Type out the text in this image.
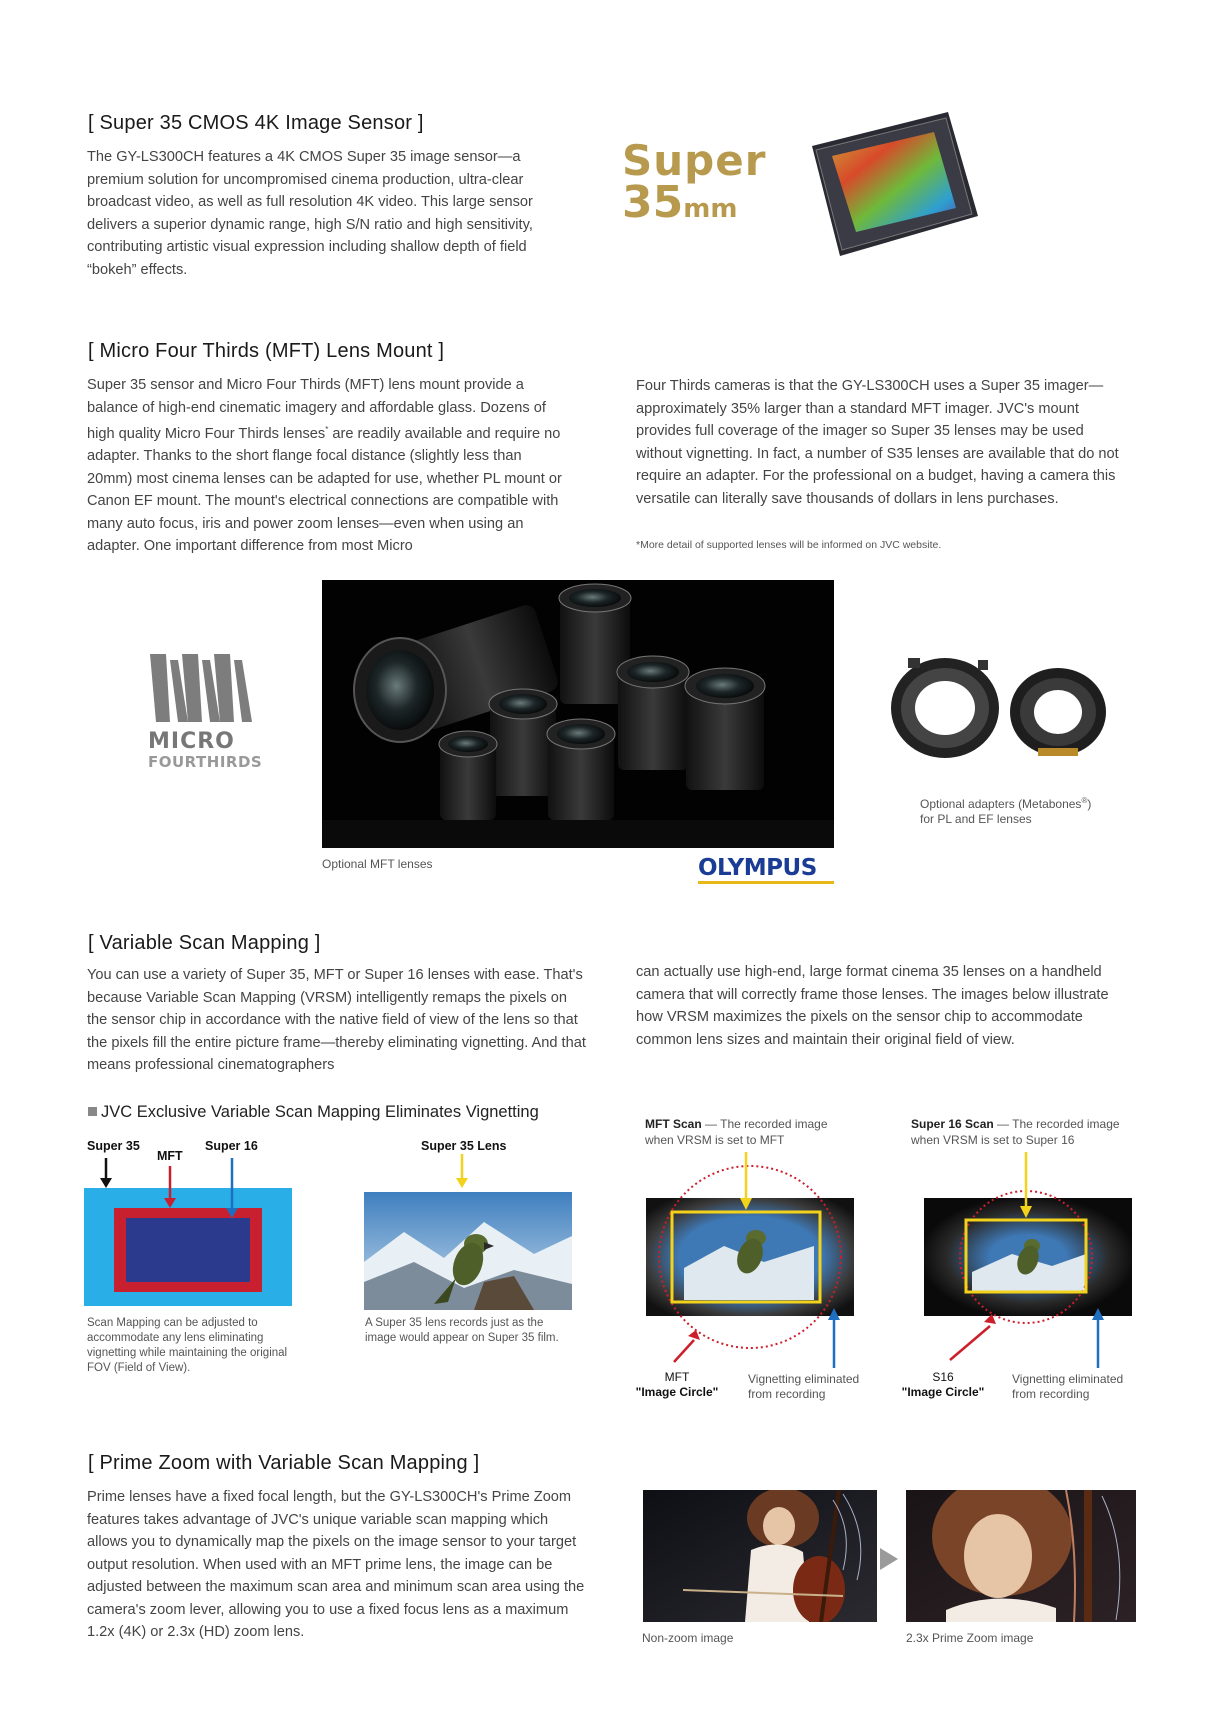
[ Super 35 CMOS 4K Image Sensor ]

The GY-LS300CH features a 4K CMOS Super 35 image sensor—a premium solution for uncompromised cinema production, ultra-clear broadcast video, as well as full resolution 4K video. This large sensor delivers a superior dynamic range, high S/N ratio and high sensitivity, contributing artistic visual expression including shallow depth of field “bokeh” effects.

Super
35mm
[ Micro Four Thirds (MFT) Lens Mount ]

Super 35 sensor and Micro Four Thirds (MFT) lens mount provide a balance of high-end cinematic imagery and affordable glass. Dozens of high quality Micro Four Thirds lenses* are readily available and require no adapter. Thanks to the short flange focal distance (slightly less than 20mm) most cinema lenses can be adapted for use, whether PL mount or Canon EF mount. The mount's electrical connections are compatible with many auto focus, iris and power zoom lenses—even when using an adapter. One important difference from most Micro

Four Thirds cameras is that the GY-LS300CH uses a Super 35 imager—approximately 35% larger than a standard MFT imager. JVC's mount provides full coverage of the imager so Super 35 lenses may be used without vignetting. In fact, a number of S35 lenses are available that do not require an adapter. For the professional on a budget, having a camera this versatile can literally save thousands of dollars in lens purchases.

*More detail of supported lenses will be informed on JVC website.
MICRO
FOURTHIRDS
Optional MFT lenses	OLYMPUS
Optional adapters (Metabones®)
for PL and EF lenses
[ Variable Scan Mapping ]

You can use a variety of Super 35, MFT or Super 16 lenses with ease. That's because Variable Scan Mapping (VRSM) intelligently remaps the pixels on the sensor chip in accordance with the native field of view of the lens so that the pixels fill the entire picture frame—thereby eliminating vignetting. And that means professional cinematographers

can actually use high-end, large format cinema 35 lenses on a handheld camera that will correctly frame those lenses. The images below illustrate how VRSM maximizes the pixels on the sensor chip to accommodate common lens sizes and maintain their original field of view.

JVC Exclusive Variable Scan Mapping Eliminates Vignetting
Super 35
MFT
Super 16
Scan Mapping can be adjusted to accommodate any lens eliminating vignetting while maintaining the original FOV (Field of View).
Super 35 Lens
A Super 35 lens records just as the image would appear on Super 35 film.
MFT Scan — The recorded image
when VRSM is set to MFT
MFT
"Image Circle"
Vignetting eliminated
from recording
Super 16 Scan — The recorded image
when VRSM is set to Super 16
S16
"Image Circle"
Vignetting eliminated
from recording
[ Prime Zoom with Variable Scan Mapping ]

Prime lenses have a fixed focal length, but the GY-LS300CH's Prime Zoom features takes advantage of JVC's unique variable scan mapping which allows you to dynamically map the pixels on the image sensor to your target output resolution. When used with an MFT prime lens, the image can be adjusted between the maximum scan area and minimum scan area using the camera's zoom lever, allowing you to use a fixed focus lens as a maximum 1.2x (4K) or 2.3x (HD) zoom lens.	Non-zoom image	2.3x Prime Zoom image
